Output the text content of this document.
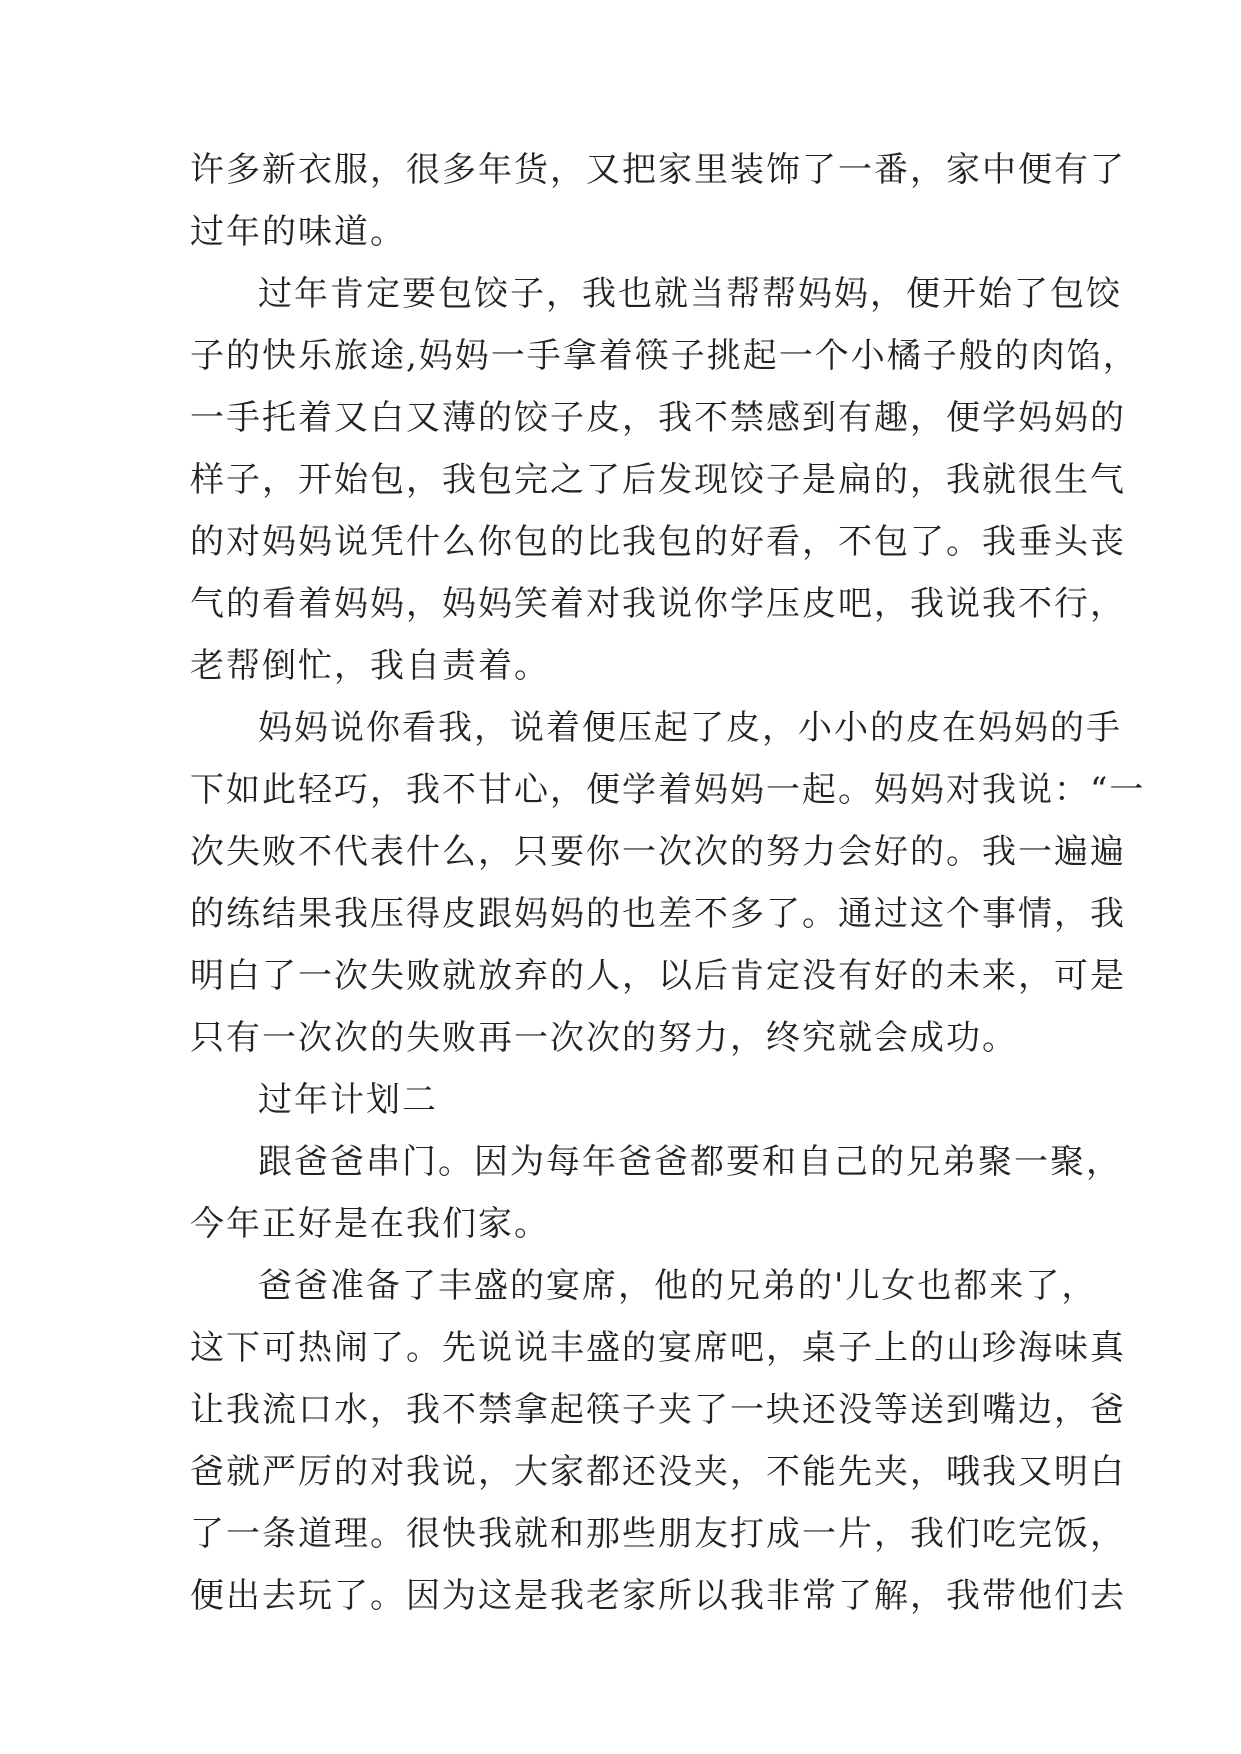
许多新衣服，很多年货，又把家里装饰了一番，家中便有了
过年的味道。
过年肯定要包饺子，我也就当帮帮妈妈，便开始了包饺
子的快乐旅途,妈妈一手拿着筷子挑起一个小橘子般的肉馅，
一手托着又白又薄的饺子皮，我不禁感到有趣，便学妈妈的
样子，开始包，我包完之了后发现饺子是扁的，我就很生气
的对妈妈说凭什么你包的比我包的好看，不包了。我垂头丧
气的看着妈妈，妈妈笑着对我说你学压皮吧，我说我不行，
老帮倒忙，我自责着。
妈妈说你看我，说着便压起了皮，小小的皮在妈妈的手
下如此轻巧，我不甘心，便学着妈妈一起。妈妈对我说：“一
次失败不代表什么，只要你一次次的努力会好的。我一遍遍
的练结果我压得皮跟妈妈的也差不多了。通过这个事情，我
明白了一次失败就放弃的人，以后肯定没有好的未来，可是
只有一次次的失败再一次次的努力，终究就会成功。
过年计划二
跟爸爸串门。因为每年爸爸都要和自己的兄弟聚一聚，
今年正好是在我们家。
爸爸准备了丰盛的宴席，他的兄弟的'儿女也都来了，
这下可热闹了。先说说丰盛的宴席吧，桌子上的山珍海味真
让我流口水，我不禁拿起筷子夹了一块还没等送到嘴边，爸
爸就严厉的对我说，大家都还没夹，不能先夹，哦我又明白
了一条道理。很快我就和那些朋友打成一片，我们吃完饭，
便出去玩了。因为这是我老家所以我非常了解，我带他们去
